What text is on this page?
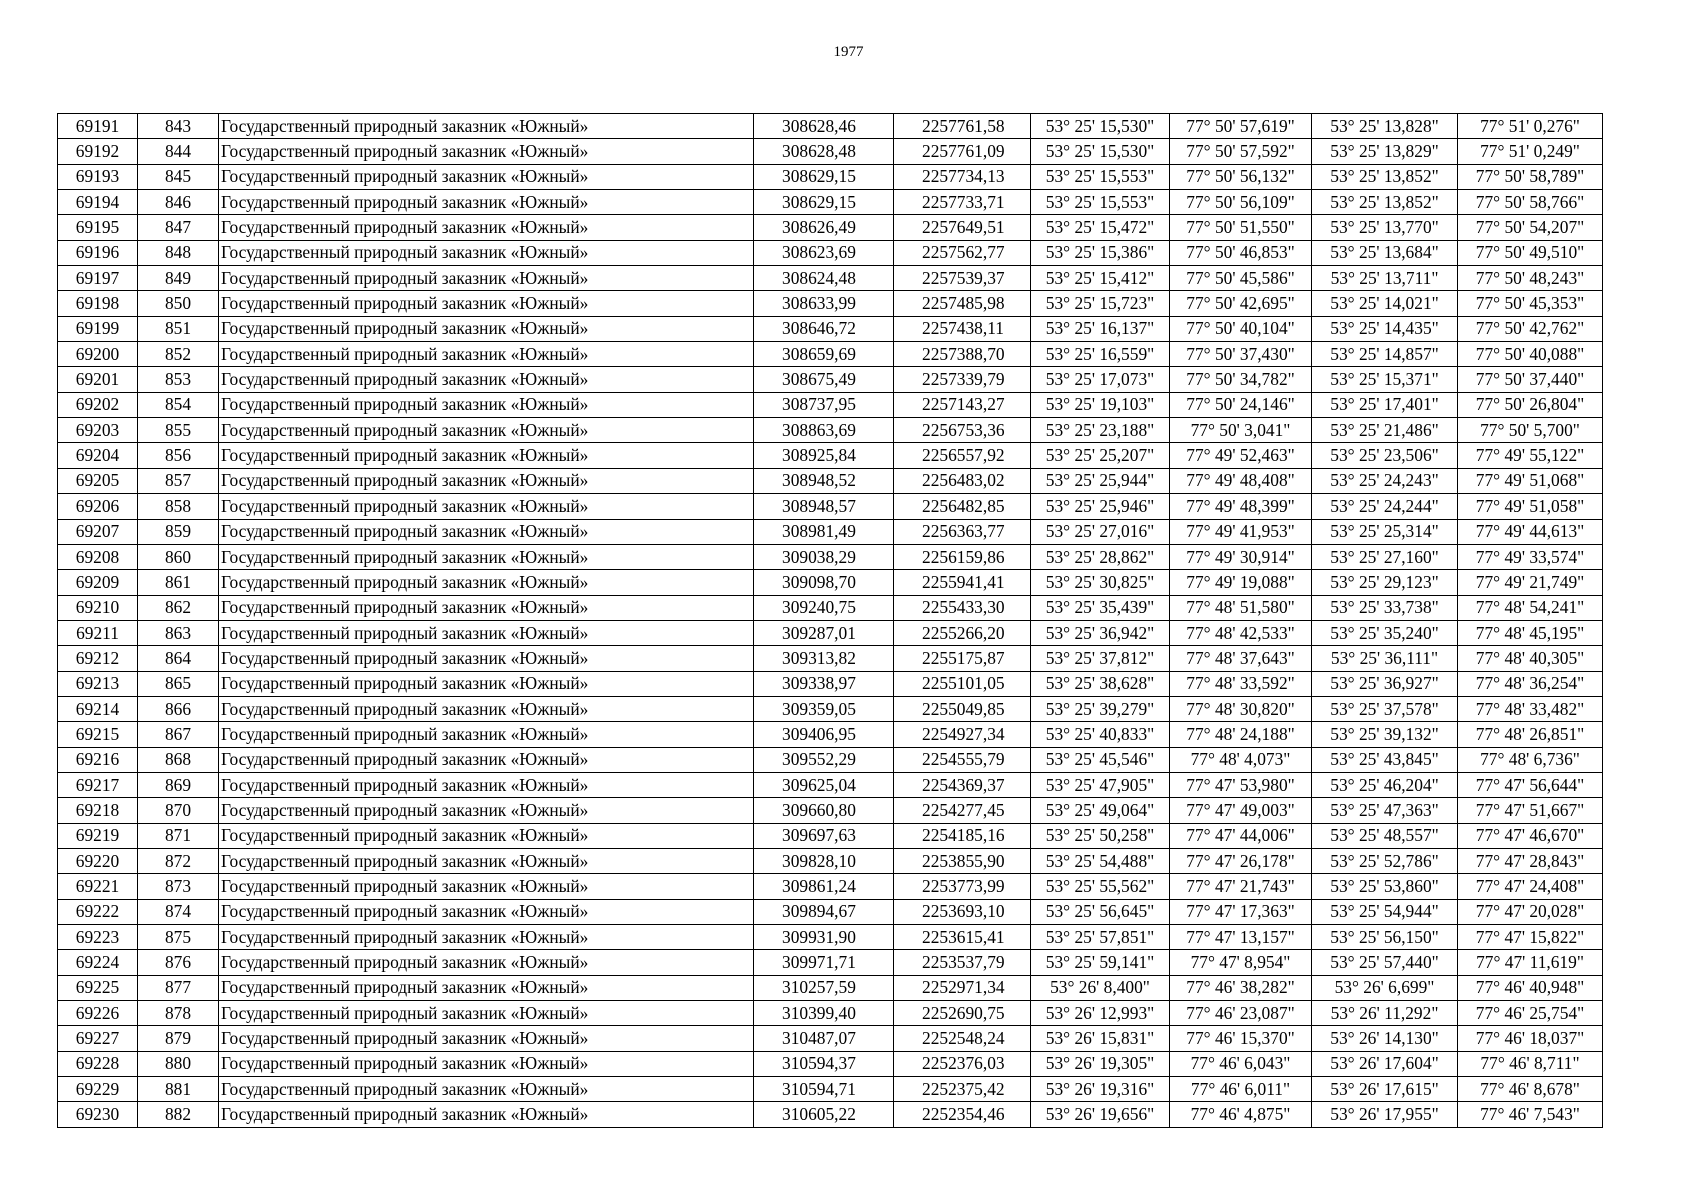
1977
69191	843	Государственный природный заказник «Южный»	308628,46	2257761,58	53° 25' 15,530"	77° 50' 57,619"	53° 25' 13,828"	77° 51' 0,276"
69192	844	Государственный природный заказник «Южный»	308628,48	2257761,09	53° 25' 15,530"	77° 50' 57,592"	53° 25' 13,829"	77° 51' 0,249"
69193	845	Государственный природный заказник «Южный»	308629,15	2257734,13	53° 25' 15,553"	77° 50' 56,132"	53° 25' 13,852"	77° 50' 58,789"
69194	846	Государственный природный заказник «Южный»	308629,15	2257733,71	53° 25' 15,553"	77° 50' 56,109"	53° 25' 13,852"	77° 50' 58,766"
69195	847	Государственный природный заказник «Южный»	308626,49	2257649,51	53° 25' 15,472"	77° 50' 51,550"	53° 25' 13,770"	77° 50' 54,207"
69196	848	Государственный природный заказник «Южный»	308623,69	2257562,77	53° 25' 15,386"	77° 50' 46,853"	53° 25' 13,684"	77° 50' 49,510"
69197	849	Государственный природный заказник «Южный»	308624,48	2257539,37	53° 25' 15,412"	77° 50' 45,586"	53° 25' 13,711"	77° 50' 48,243"
69198	850	Государственный природный заказник «Южный»	308633,99	2257485,98	53° 25' 15,723"	77° 50' 42,695"	53° 25' 14,021"	77° 50' 45,353"
69199	851	Государственный природный заказник «Южный»	308646,72	2257438,11	53° 25' 16,137"	77° 50' 40,104"	53° 25' 14,435"	77° 50' 42,762"
69200	852	Государственный природный заказник «Южный»	308659,69	2257388,70	53° 25' 16,559"	77° 50' 37,430"	53° 25' 14,857"	77° 50' 40,088"
69201	853	Государственный природный заказник «Южный»	308675,49	2257339,79	53° 25' 17,073"	77° 50' 34,782"	53° 25' 15,371"	77° 50' 37,440"
69202	854	Государственный природный заказник «Южный»	308737,95	2257143,27	53° 25' 19,103"	77° 50' 24,146"	53° 25' 17,401"	77° 50' 26,804"
69203	855	Государственный природный заказник «Южный»	308863,69	2256753,36	53° 25' 23,188"	77° 50' 3,041"	53° 25' 21,486"	77° 50' 5,700"
69204	856	Государственный природный заказник «Южный»	308925,84	2256557,92	53° 25' 25,207"	77° 49' 52,463"	53° 25' 23,506"	77° 49' 55,122"
69205	857	Государственный природный заказник «Южный»	308948,52	2256483,02	53° 25' 25,944"	77° 49' 48,408"	53° 25' 24,243"	77° 49' 51,068"
69206	858	Государственный природный заказник «Южный»	308948,57	2256482,85	53° 25' 25,946"	77° 49' 48,399"	53° 25' 24,244"	77° 49' 51,058"
69207	859	Государственный природный заказник «Южный»	308981,49	2256363,77	53° 25' 27,016"	77° 49' 41,953"	53° 25' 25,314"	77° 49' 44,613"
69208	860	Государственный природный заказник «Южный»	309038,29	2256159,86	53° 25' 28,862"	77° 49' 30,914"	53° 25' 27,160"	77° 49' 33,574"
69209	861	Государственный природный заказник «Южный»	309098,70	2255941,41	53° 25' 30,825"	77° 49' 19,088"	53° 25' 29,123"	77° 49' 21,749"
69210	862	Государственный природный заказник «Южный»	309240,75	2255433,30	53° 25' 35,439"	77° 48' 51,580"	53° 25' 33,738"	77° 48' 54,241"
69211	863	Государственный природный заказник «Южный»	309287,01	2255266,20	53° 25' 36,942"	77° 48' 42,533"	53° 25' 35,240"	77° 48' 45,195"
69212	864	Государственный природный заказник «Южный»	309313,82	2255175,87	53° 25' 37,812"	77° 48' 37,643"	53° 25' 36,111"	77° 48' 40,305"
69213	865	Государственный природный заказник «Южный»	309338,97	2255101,05	53° 25' 38,628"	77° 48' 33,592"	53° 25' 36,927"	77° 48' 36,254"
69214	866	Государственный природный заказник «Южный»	309359,05	2255049,85	53° 25' 39,279"	77° 48' 30,820"	53° 25' 37,578"	77° 48' 33,482"
69215	867	Государственный природный заказник «Южный»	309406,95	2254927,34	53° 25' 40,833"	77° 48' 24,188"	53° 25' 39,132"	77° 48' 26,851"
69216	868	Государственный природный заказник «Южный»	309552,29	2254555,79	53° 25' 45,546"	77° 48' 4,073"	53° 25' 43,845"	77° 48' 6,736"
69217	869	Государственный природный заказник «Южный»	309625,04	2254369,37	53° 25' 47,905"	77° 47' 53,980"	53° 25' 46,204"	77° 47' 56,644"
69218	870	Государственный природный заказник «Южный»	309660,80	2254277,45	53° 25' 49,064"	77° 47' 49,003"	53° 25' 47,363"	77° 47' 51,667"
69219	871	Государственный природный заказник «Южный»	309697,63	2254185,16	53° 25' 50,258"	77° 47' 44,006"	53° 25' 48,557"	77° 47' 46,670"
69220	872	Государственный природный заказник «Южный»	309828,10	2253855,90	53° 25' 54,488"	77° 47' 26,178"	53° 25' 52,786"	77° 47' 28,843"
69221	873	Государственный природный заказник «Южный»	309861,24	2253773,99	53° 25' 55,562"	77° 47' 21,743"	53° 25' 53,860"	77° 47' 24,408"
69222	874	Государственный природный заказник «Южный»	309894,67	2253693,10	53° 25' 56,645"	77° 47' 17,363"	53° 25' 54,944"	77° 47' 20,028"
69223	875	Государственный природный заказник «Южный»	309931,90	2253615,41	53° 25' 57,851"	77° 47' 13,157"	53° 25' 56,150"	77° 47' 15,822"
69224	876	Государственный природный заказник «Южный»	309971,71	2253537,79	53° 25' 59,141"	77° 47' 8,954"	53° 25' 57,440"	77° 47' 11,619"
69225	877	Государственный природный заказник «Южный»	310257,59	2252971,34	53° 26' 8,400"	77° 46' 38,282"	53° 26' 6,699"	77° 46' 40,948"
69226	878	Государственный природный заказник «Южный»	310399,40	2252690,75	53° 26' 12,993"	77° 46' 23,087"	53° 26' 11,292"	77° 46' 25,754"
69227	879	Государственный природный заказник «Южный»	310487,07	2252548,24	53° 26' 15,831"	77° 46' 15,370"	53° 26' 14,130"	77° 46' 18,037"
69228	880	Государственный природный заказник «Южный»	310594,37	2252376,03	53° 26' 19,305"	77° 46' 6,043"	53° 26' 17,604"	77° 46' 8,711"
69229	881	Государственный природный заказник «Южный»	310594,71	2252375,42	53° 26' 19,316"	77° 46' 6,011"	53° 26' 17,615"	77° 46' 8,678"
69230	882	Государственный природный заказник «Южный»	310605,22	2252354,46	53° 26' 19,656"	77° 46' 4,875"	53° 26' 17,955"	77° 46' 7,543"
